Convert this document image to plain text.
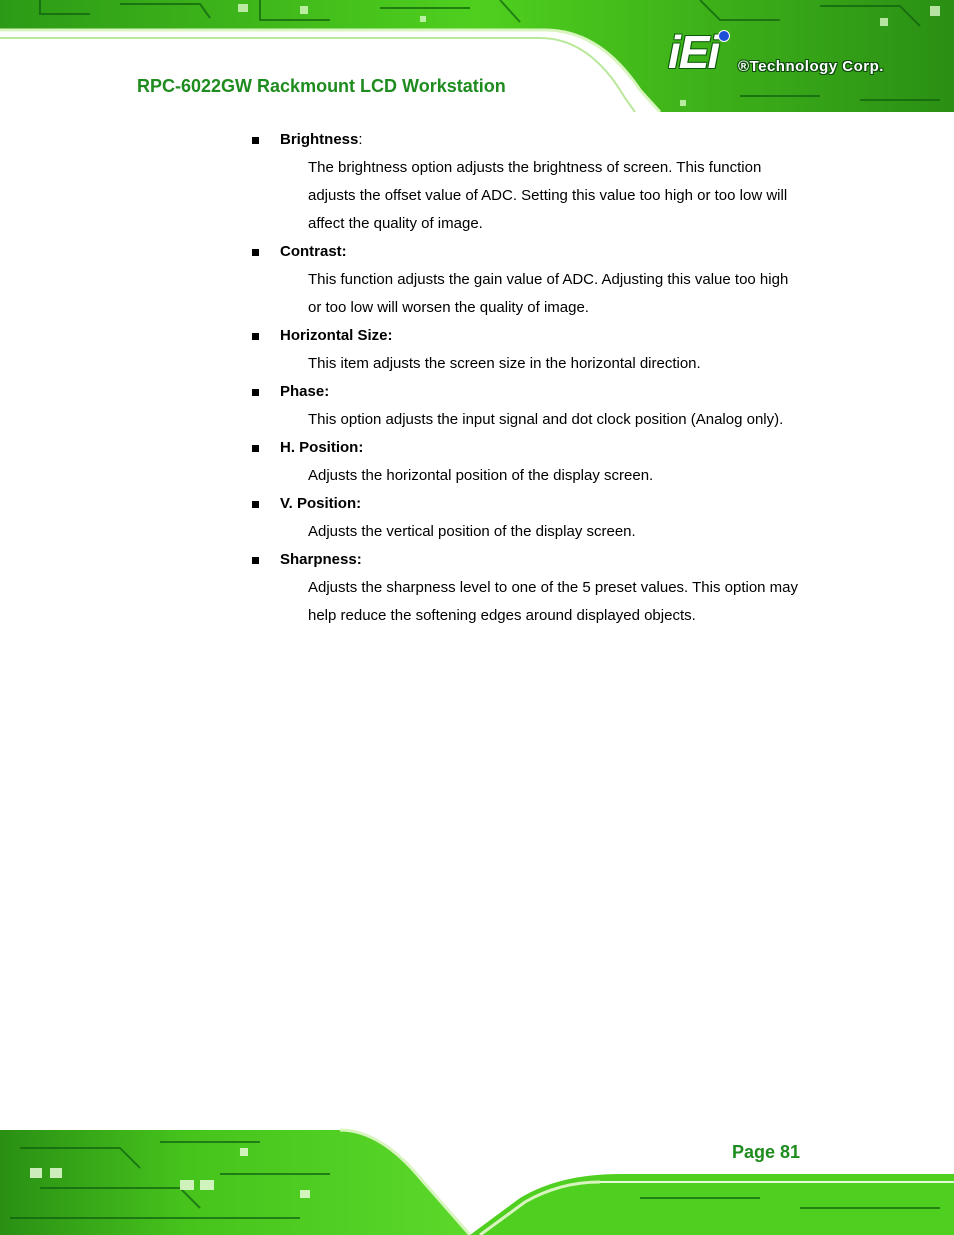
RPC-6022GW Rackmount LCD Workstation
iEi ®Technology Corp.
Brightness:
The brightness option adjusts the brightness of screen. This function
adjusts the offset value of ADC. Setting this value too high or too low will
affect the quality of image.
Contrast:
This function adjusts the gain value of ADC. Adjusting this value too high
or too low will worsen the quality of image.
Horizontal Size:
This item adjusts the screen size in the horizontal direction.
Phase:
This option adjusts the input signal and dot clock position (Analog only).
H. Position:
Adjusts the horizontal position of the display screen.
V. Position:
Adjusts the vertical position of the display screen.
Sharpness:
Adjusts the sharpness level to one of the 5 preset values. This option may
help reduce the softening edges around displayed objects.
Page 81
